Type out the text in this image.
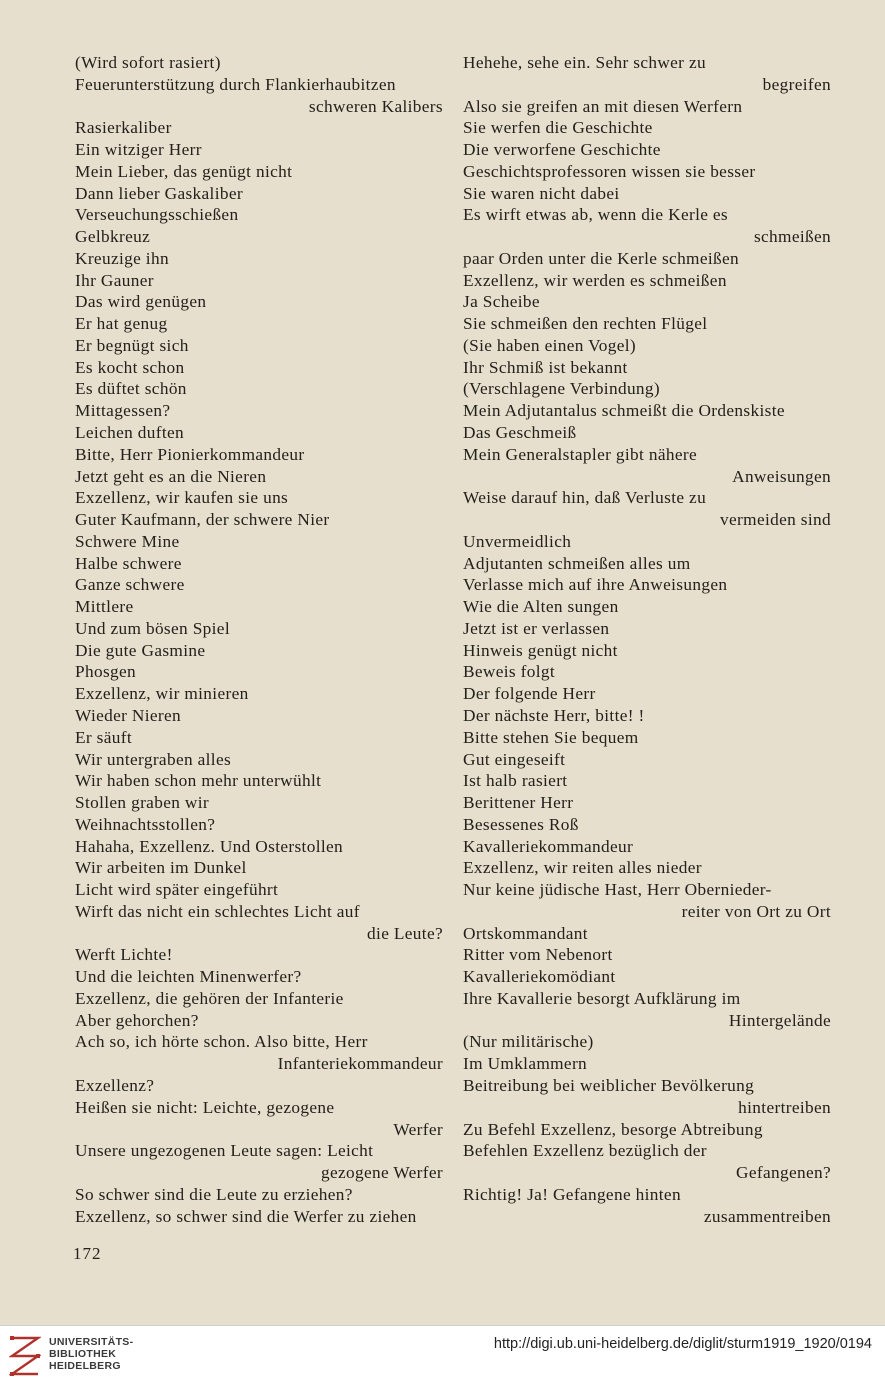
(Wird sofort rasiert)
Feuerunterstützung durch Flankierhaubitzen
schweren Kalibers
Rasierkaliber
Ein witziger Herr
Mein Lieber, das genügt nicht
Dann lieber Gaskaliber
Verseuchungsschießen
Gelbkreuz
Kreuzige ihn
Ihr Gauner
Das wird genügen
Er hat genug
Er begnügt sich
Es kocht schon
Es düftet schön
Mittagessen?
Leichen duften
Bitte, Herr Pionierkommandeur
Jetzt geht es an die Nieren
Exzellenz, wir kaufen sie uns
Guter Kaufmann, der schwere Nier
Schwere Mine
Halbe schwere
Ganze schwere
Mittlere
Und zum bösen Spiel
Die gute Gasmine
Phosgen
Exzellenz, wir minieren
Wieder Nieren
Er säuft
Wir untergraben alles
Wir haben schon mehr unterwühlt
Stollen graben wir
Weihnachtsstollen?
Hahaha, Exzellenz. Und Osterstollen
Wir arbeiten im Dunkel
Licht wird später eingeführt
Wirft das nicht ein schlechtes Licht auf
die Leute?
Werft Lichte!
Und die leichten Minenwerfer?
Exzellenz, die gehören der Infanterie
Aber gehorchen?
Ach so, ich hörte schon. Also bitte, Herr
Infanteriekommandeur
Exzellenz?
Heißen sie nicht: Leichte, gezogene
Werfer
Unsere ungezogenen Leute sagen: Leicht
gezogene Werfer
So schwer sind die Leute zu erziehen?
Exzellenz, so schwer sind die Werfer zu ziehen
Hehehe, sehe ein. Sehr schwer zu
begreifen
Also sie greifen an mit diesen Werfern
Sie werfen die Geschichte
Die verworfene Geschichte
Geschichtsprofessoren wissen sie besser
Sie waren nicht dabei
Es wirft etwas ab, wenn die Kerle es
schmeißen
paar Orden unter die Kerle schmeißen
Exzellenz, wir werden es schmeißen
Ja Scheibe
Sie schmeißen den rechten Flügel
(Sie haben einen Vogel)
Ihr Schmiß ist bekannt
(Verschlagene Verbindung)
Mein Adjutantalus schmeißt die Ordenskiste
Das Geschmeiß
Mein Generalstapler gibt nähere
Anweisungen
Weise darauf hin, daß Verluste zu
vermeiden sind
Unvermeidlich
Adjutanten schmeißen alles um
Verlasse mich auf ihre Anweisungen
Wie die Alten sungen
Jetzt ist er verlassen
Hinweis genügt nicht
Beweis folgt
Der folgende Herr
Der nächste Herr, bitte! !
Bitte stehen Sie bequem
Gut eingeseift
Ist halb rasiert
Berittener Herr
Besessenes Roß
Kavalleriekommandeur
Exzellenz, wir reiten alles nieder
Nur keine jüdische Hast, Herr Obernieder-
reiter von Ort zu Ort
Ortskommandant
Ritter vom Nebenort
Kavalleriekomödiant
Ihre Kavallerie besorgt Aufklärung im
Hintergelände
(Nur militärische)
Im Umklammern
Beitreibung bei weiblicher Bevölkerung
hintertreiben
Zu Befehl Exzellenz, besorge Abtreibung
Befehlen Exzellenz bezüglich der
Gefangenen?
Richtig! Ja! Gefangene hinten
zusammentreiben
172
UNIVERSITÄTS-
BIBLIOTHEK
HEIDELBERG
http://digi.ub.uni-heidelberg.de/diglit/sturm1919_1920/0194
